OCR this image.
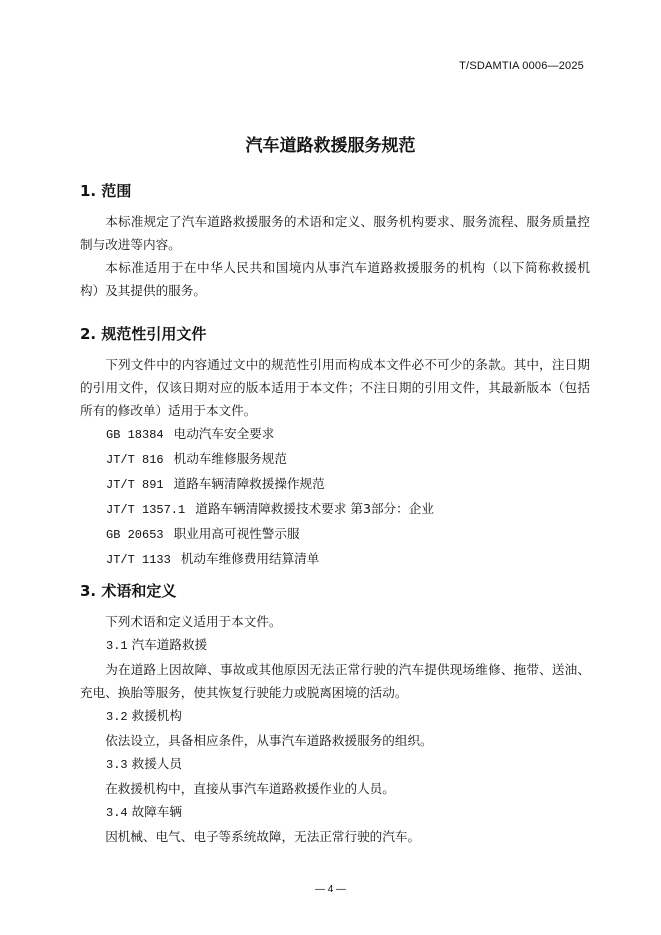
T/SDAMTIA 0006—2025
汽车道路救援服务规范
1. 范围

本标准规定了汽车道路救援服务的术语和定义、服务机构要求、服务流程、服务质量控制与改进等内容。

本标准适用于在中华人民共和国境内从事汽车道路救援服务的机构（以下简称救援机构）及其提供的服务。

2. 规范性引用文件

下列文件中的内容通过文中的规范性引用而构成本文件必不可少的条款。其中，注日期的引用文件，仅该日期对应的版本适用于本文件；不注日期的引用文件，其最新版本（包括所有的修改单）适用于本文件。

GB 18384 电动汽车安全要求
JT/T 816 机动车维修服务规范
JT/T 891 道路车辆清障救援操作规范
JT/T 1357.1 道路车辆清障救援技术要求 第3部分：企业
GB 20653 职业用高可视性警示服
JT/T 1133 机动车维修费用结算清单
3. 术语和定义

下列术语和定义适用于本文件。

3.1 汽车道路救援

为在道路上因故障、事故或其他原因无法正常行驶的汽车提供现场维修、拖带、送油、充电、换胎等服务，使其恢复行驶能力或脱离困境的活动。

3.2 救援机构

依法设立，具备相应条件，从事汽车道路救援服务的组织。

3.3 救援人员

在救援机构中，直接从事汽车道路救援作业的人员。

3.4 故障车辆

因机械、电气、电子等系统故障，无法正常行驶的汽车。

— 4 —
